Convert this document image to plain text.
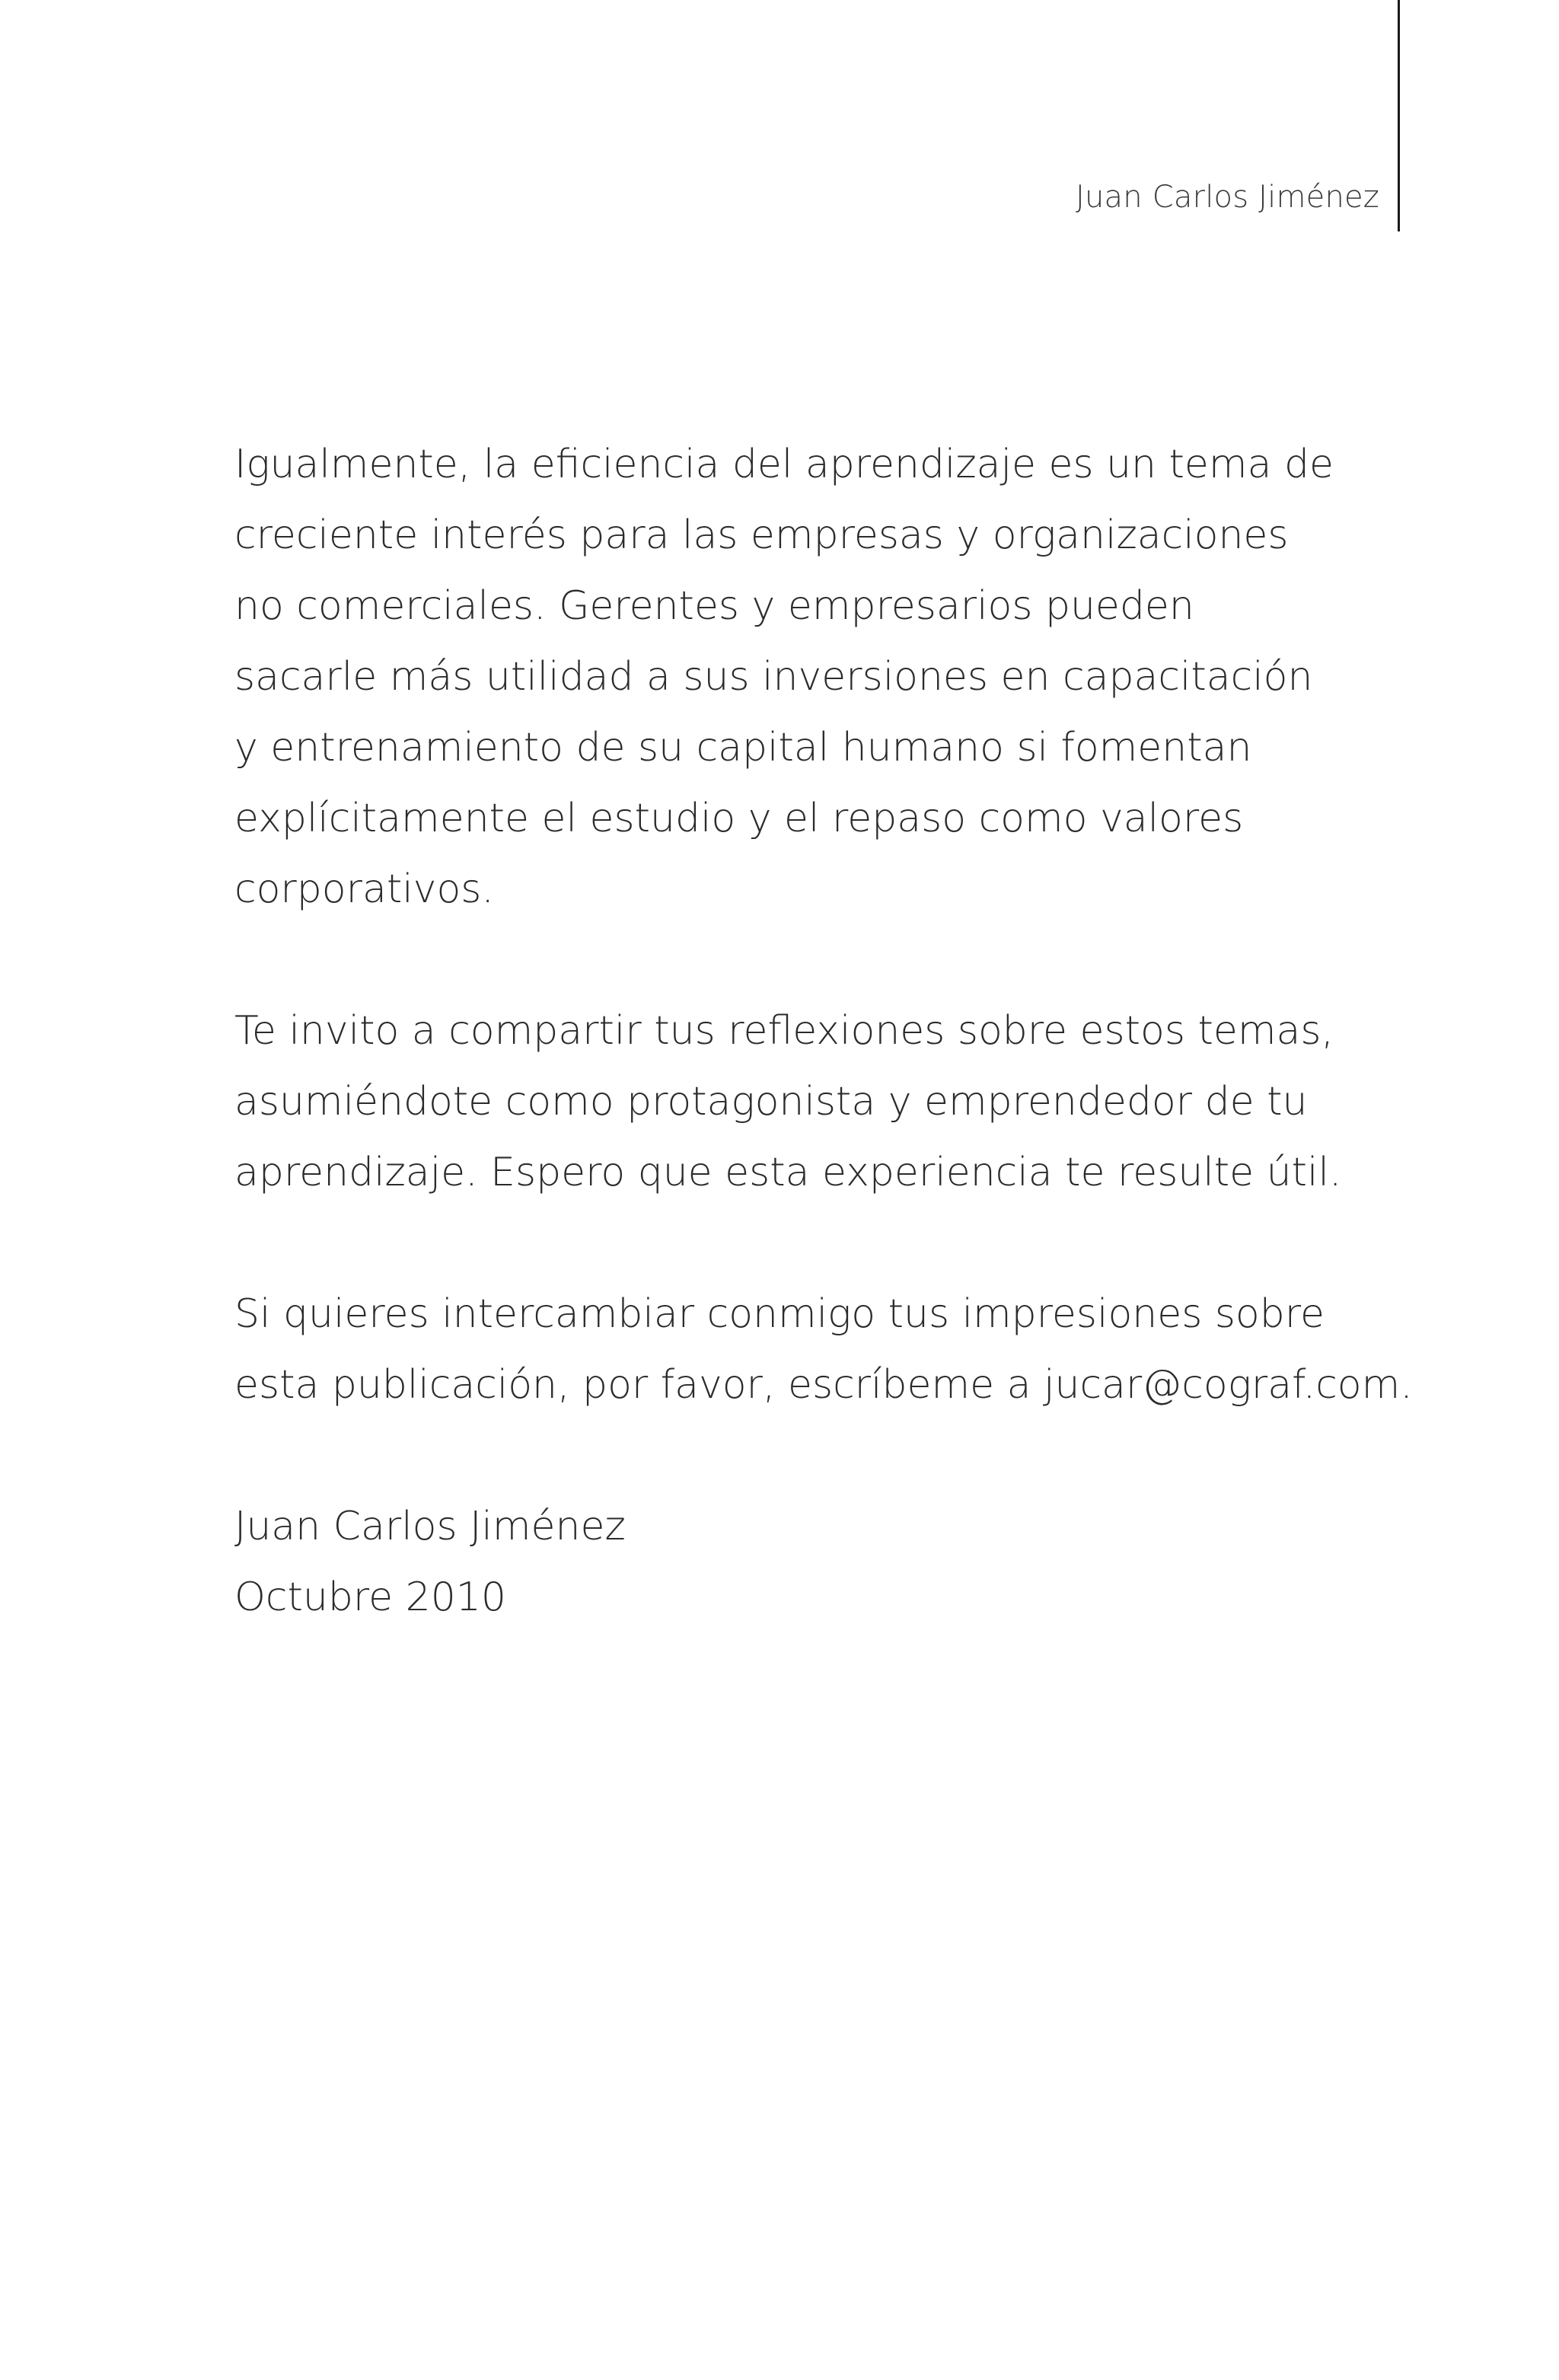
Juan Carlos Jiménez

Igualmente, la eficiencia del aprendizaje es un tema de
creciente interés para las empresas y organizaciones
no comerciales. Gerentes y empresarios pueden
sacarle más utilidad a sus inversiones en capacitación
y entrenamiento de su capital humano si fomentan
explícitamente el estudio y el repaso como valores
corporativos.

Te invito a compartir tus reflexiones sobre estos temas,
asumiéndote como protagonista y emprendedor de tu
aprendizaje. Espero que esta experiencia te resulte útil.

Si quieres intercambiar conmigo tus impresiones sobre
esta publicación, por favor, escríbeme a jucar@cograf.com.

Juan Carlos Jiménez
Octubre 2010
